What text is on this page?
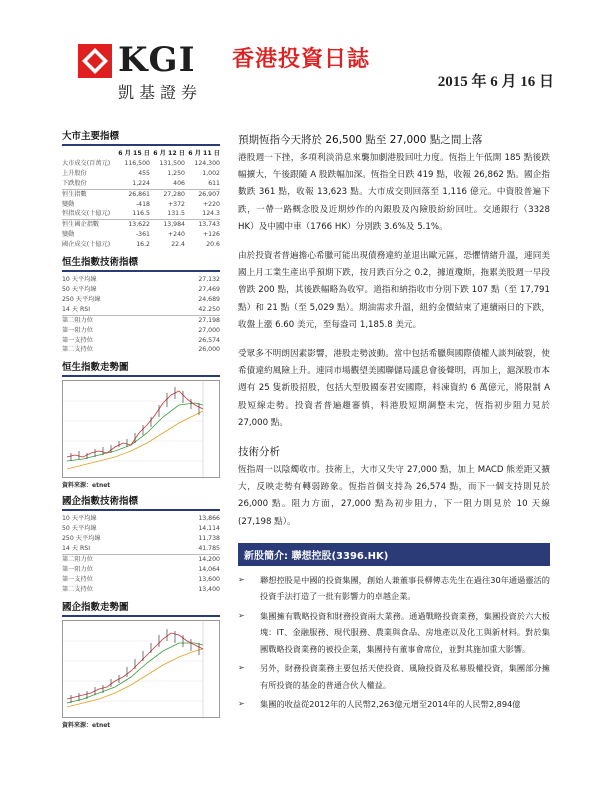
KGI
凱基證券
香港投資日誌
2015 年 6 月 16 日
大市主要指標
	6 月 15 日	6 月 12 日	6 月 11 日
大市成交(百萬元)	116,500	131,500	124,300
上升股份	455	1,250	1,002
下跌股份	1,224	406	611
恒生指數	26,861	27,280	26,907
變動	-418	+372	+220
恒指成交(十億元)	116.5	131.5	124.3
恒生國企指數	13,622	13,984	13,743
變動	-361	+240	+126
國企成交(十億元)	16.2	22.4	20.6
恒生指數技術指標
10 天平均線	27,132
50 天平均線	27,469
250 天平均線	24,689
14 天 RSI	42.250
第二阻力位	27,198
第一阻力位	27,000
第一支持位	26,574
第二支持位	26,000
恒生指數走勢圖
資料來源：etnet
國企指數技術指標
10 天平均線	13,866
50 天平均線	14,114
250 天平均線	11,738
14 天 RSI	41.785
第二阻力位	14,200
第一阻力位	14,064
第一支持位	13,600
第二支持位	13,400
國企指數走勢圖
資料來源：etnet
預期恆指今天將於 26,500 點至 27,000 點之間上落

港股週一下挫，多項利淡消息來襲加劇港股回吐力度。恆指上午低開 185 點後跌幅擴大，午後跟隨 A 股跌幅加深。恆指全日跌 419 點，收報 26,862 點。國企指數跌 361 點，收報 13,623 點。大市成交則回落至 1,116 億元。中資股普遍下跌，一帶一路概念股及近期炒作的內銀股及內險股紛紛回吐。交通銀行（3328 HK）及中國中車（1766 HK）分別跌 3.6%及 5.1%。

由於投資者普遍擔心希臘可能出現債務違約並退出歐元區，恐懼情緒升溫，連同美國上月工業生產出乎預期下跌，按月跌百分之 0.2，據道瓊斯，拖累美股週一早段曾跌 200 點，其後跌幅略為收窄。道指和納指收市分別下跌 107 點（至 17,791 點）和 21 點（至 5,029 點）。期油需求升溫，紐約金價結束了連續兩日的下跌，收盤上漲 6.60 美元，至每盎司 1,185.8 美元。

受眾多不明朗因素影響，港股走勢波動。當中包括希臘與國際債權人談判破裂，使希債違約風險上升。連同市場觀望美國聯儲局議息會後聲明，再加上，滬深股市本週有 25 隻新股招股，包括大型股國泰君安國際，料凍資約 6 萬億元，將限制 A 股短線走勢。投資者普遍趨審慎，料港股短期調整未完，恆指初步阻力見於 27,000 點。

技術分析

恆指周一以陰燭收市。技術上，大市又失守 27,000 點，加上 MACD 熊差距又擴大，反映走勢有轉弱跡象。恆指首個支持為 26,574 點，而下一個支持則見於 26,000 點。阻力方面，27,000 點為初步阻力，下一阻力則見於 10 天線(27,198 點）。

新股簡介: 聯想控股(3396.HK)
➢ 聯想控股是中國的投資集團，創始人兼董事長柳傳志先生在過往30年通過靈活的投資手法打造了一批有影響力的卓越企業。
➢ 集團擁有戰略投資和財務投資兩大業務。通過戰略投資業務，集團投資於六大板塊：IT、金融服務、現代服務、農業與食品、房地產以及化工與新材料。對於集團戰略投資業務的被投企業，集團持有董事會席位，並對其施加重大影響。
➢ 另外，財務投資業務主要包括天使投資、風險投資及私募股權投資，集團部分擁有所投資的基金的普通合伙人權益。
➢ 集團的收益從2012年的人民幣2,263億元增至2014年的人民幣2,894億
